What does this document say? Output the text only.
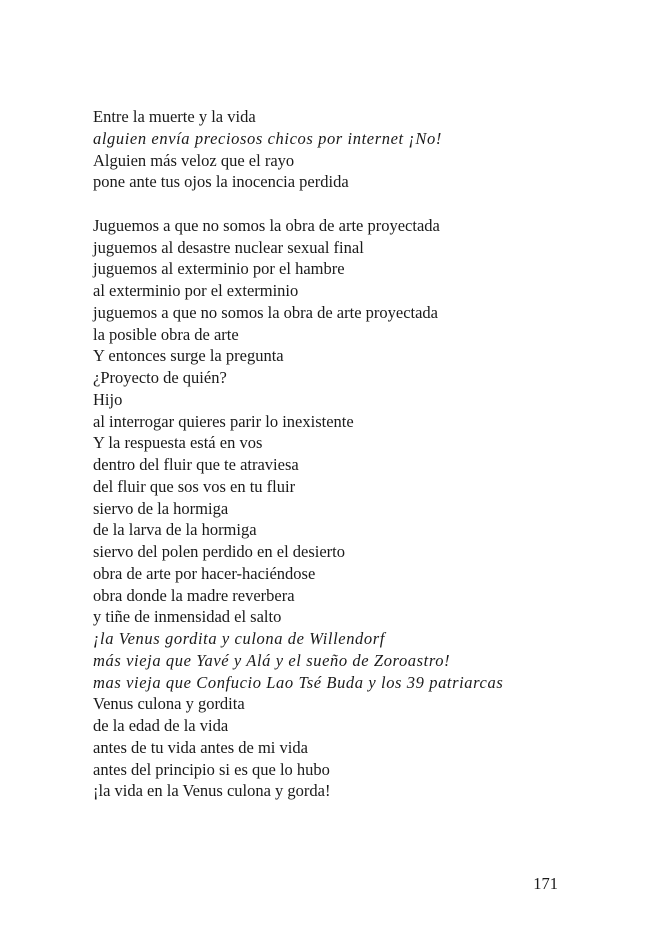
Entre la muerte y la vida
alguien envía preciosos chicos por internet ¡No!
Alguien más veloz que el rayo
pone ante tus ojos la inocencia perdida
Juguemos a que no somos la obra de arte proyectada
juguemos al desastre nuclear sexual final
juguemos al exterminio por el hambre
al exterminio por el exterminio
juguemos a que no somos la obra de arte proyectada
la posible obra de arte
Y entonces surge la pregunta
¿Proyecto de quién?
Hijo
al interrogar quieres parir lo inexistente
Y la respuesta está en vos
dentro del fluir que te atraviesa
del fluir que sos vos en tu fluir
siervo de la hormiga
de la larva de la hormiga
siervo del polen perdido en el desierto
obra de arte por hacer-haciéndose
obra donde la madre reverbera
y tiñe de inmensidad el salto
¡la Venus gordita y culona de Willendorf
más vieja que Yavé y Alá y el sueño de Zoroastro!
mas vieja que Confucio Lao Tsé Buda y los 39 patriarcas
Venus culona y gordita
de la edad de la vida
antes de tu vida antes de mi vida
antes del principio si es que lo hubo
¡la vida en la Venus culona y gorda!
171
